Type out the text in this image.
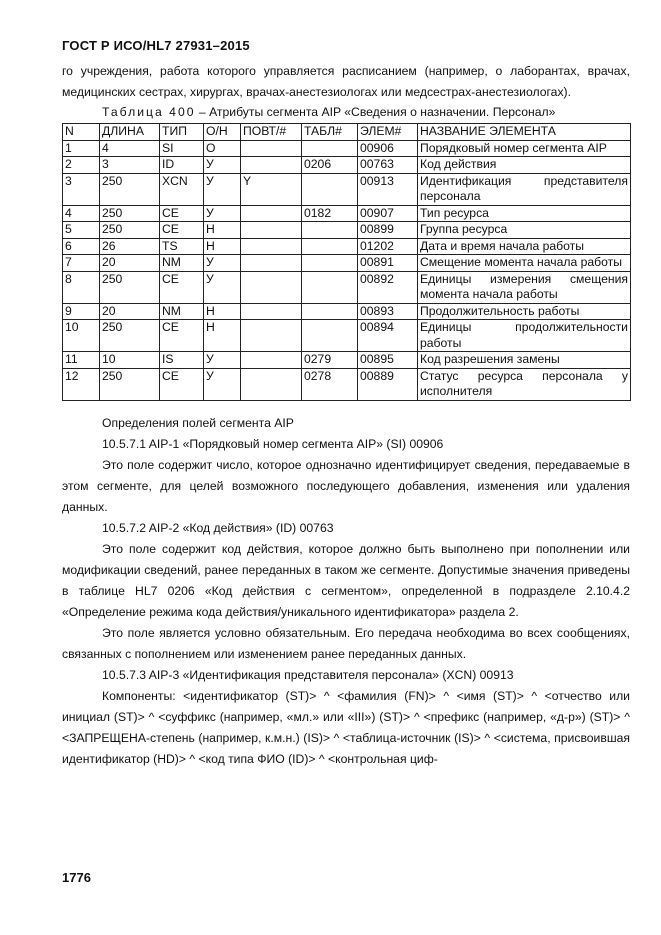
ГОСТ Р ИСО/HL7 27931–2015

го учреждения, работа которого управляется расписанием (например, о лаборантах, врачах, медицинских сестрах, хирургах, врачах-анестезиологах или медсестрах-анестезиологах).

Таблица 400 – Атрибуты сегмента AIP «Сведения о назначении. Персонал»
N	ДЛИНА	ТИП	О/Н	ПОВТ/#	ТАБЛ#	ЭЛЕМ#	НАЗВАНИЕ ЭЛЕМЕНТА
1	4	SI	О			00906	Порядковый номер сегмента AIP
2	3	ID	У		0206	00763	Код действия
3	250	XCN	У	Y		00913	Идентификация представителя персонала
4	250	CE	У		0182	00907	Тип ресурса
5	250	CE	Н			00899	Группа ресурса
6	26	TS	Н			01202	Дата и время начала работы
7	20	NM	У			00891	Смещение момента начала работы
8	250	CE	У			00892	Единицы измерения смещения момента начала работы
9	20	NM	Н			00893	Продолжительность работы
10	250	CE	Н			00894	Единицы продолжительности работы
11	10	IS	У		0279	00895	Код разрешения замены
12	250	CE	У		0278	00889	Статус ресурса персонала у исполнителя

Определения полей сегмента AIP

10.5.7.1 AIP-1 «Порядковый номер сегмента AIP» (SI) 00906

Это поле содержит число, которое однозначно идентифицирует сведения, передаваемые в этом сегменте, для целей возможного последующего добавления, изменения или удаления данных.

10.5.7.2 AIP-2 «Код действия» (ID) 00763

Это поле содержит код действия, которое должно быть выполнено при пополнении или модификации сведений, ранее переданных в таком же сегменте. Допустимые значения приведены в таблице HL7 0206 «Код действия с сегментом», определенной в подразделе 2.10.4.2 «Определение режима кода действия/уникального идентификатора» раздела 2.

Это поле является условно обязательным. Его передача необходима во всех сообщениях, связанных с пополнением или изменением ранее переданных данных.

10.5.7.3 AIP-3 «Идентификация представителя персонала» (XCN) 00913

Компоненты: <идентификатор (ST)> ^ <фамилия (FN)> ^ <имя (ST)> ^ <отчество или инициал (ST)> ^ <суффикс (например, «мл.» или «III») (ST)> ^ <префикс (например, «д-р») (ST)> ^ <ЗАПРЕЩЕНА-степень (например, к.м.н.) (IS)> ^ <таблица-источник (IS)> ^ <система, присвоившая идентификатор (HD)> ^ <код типа ФИО (ID)> ^ <контрольная циф-

1776
